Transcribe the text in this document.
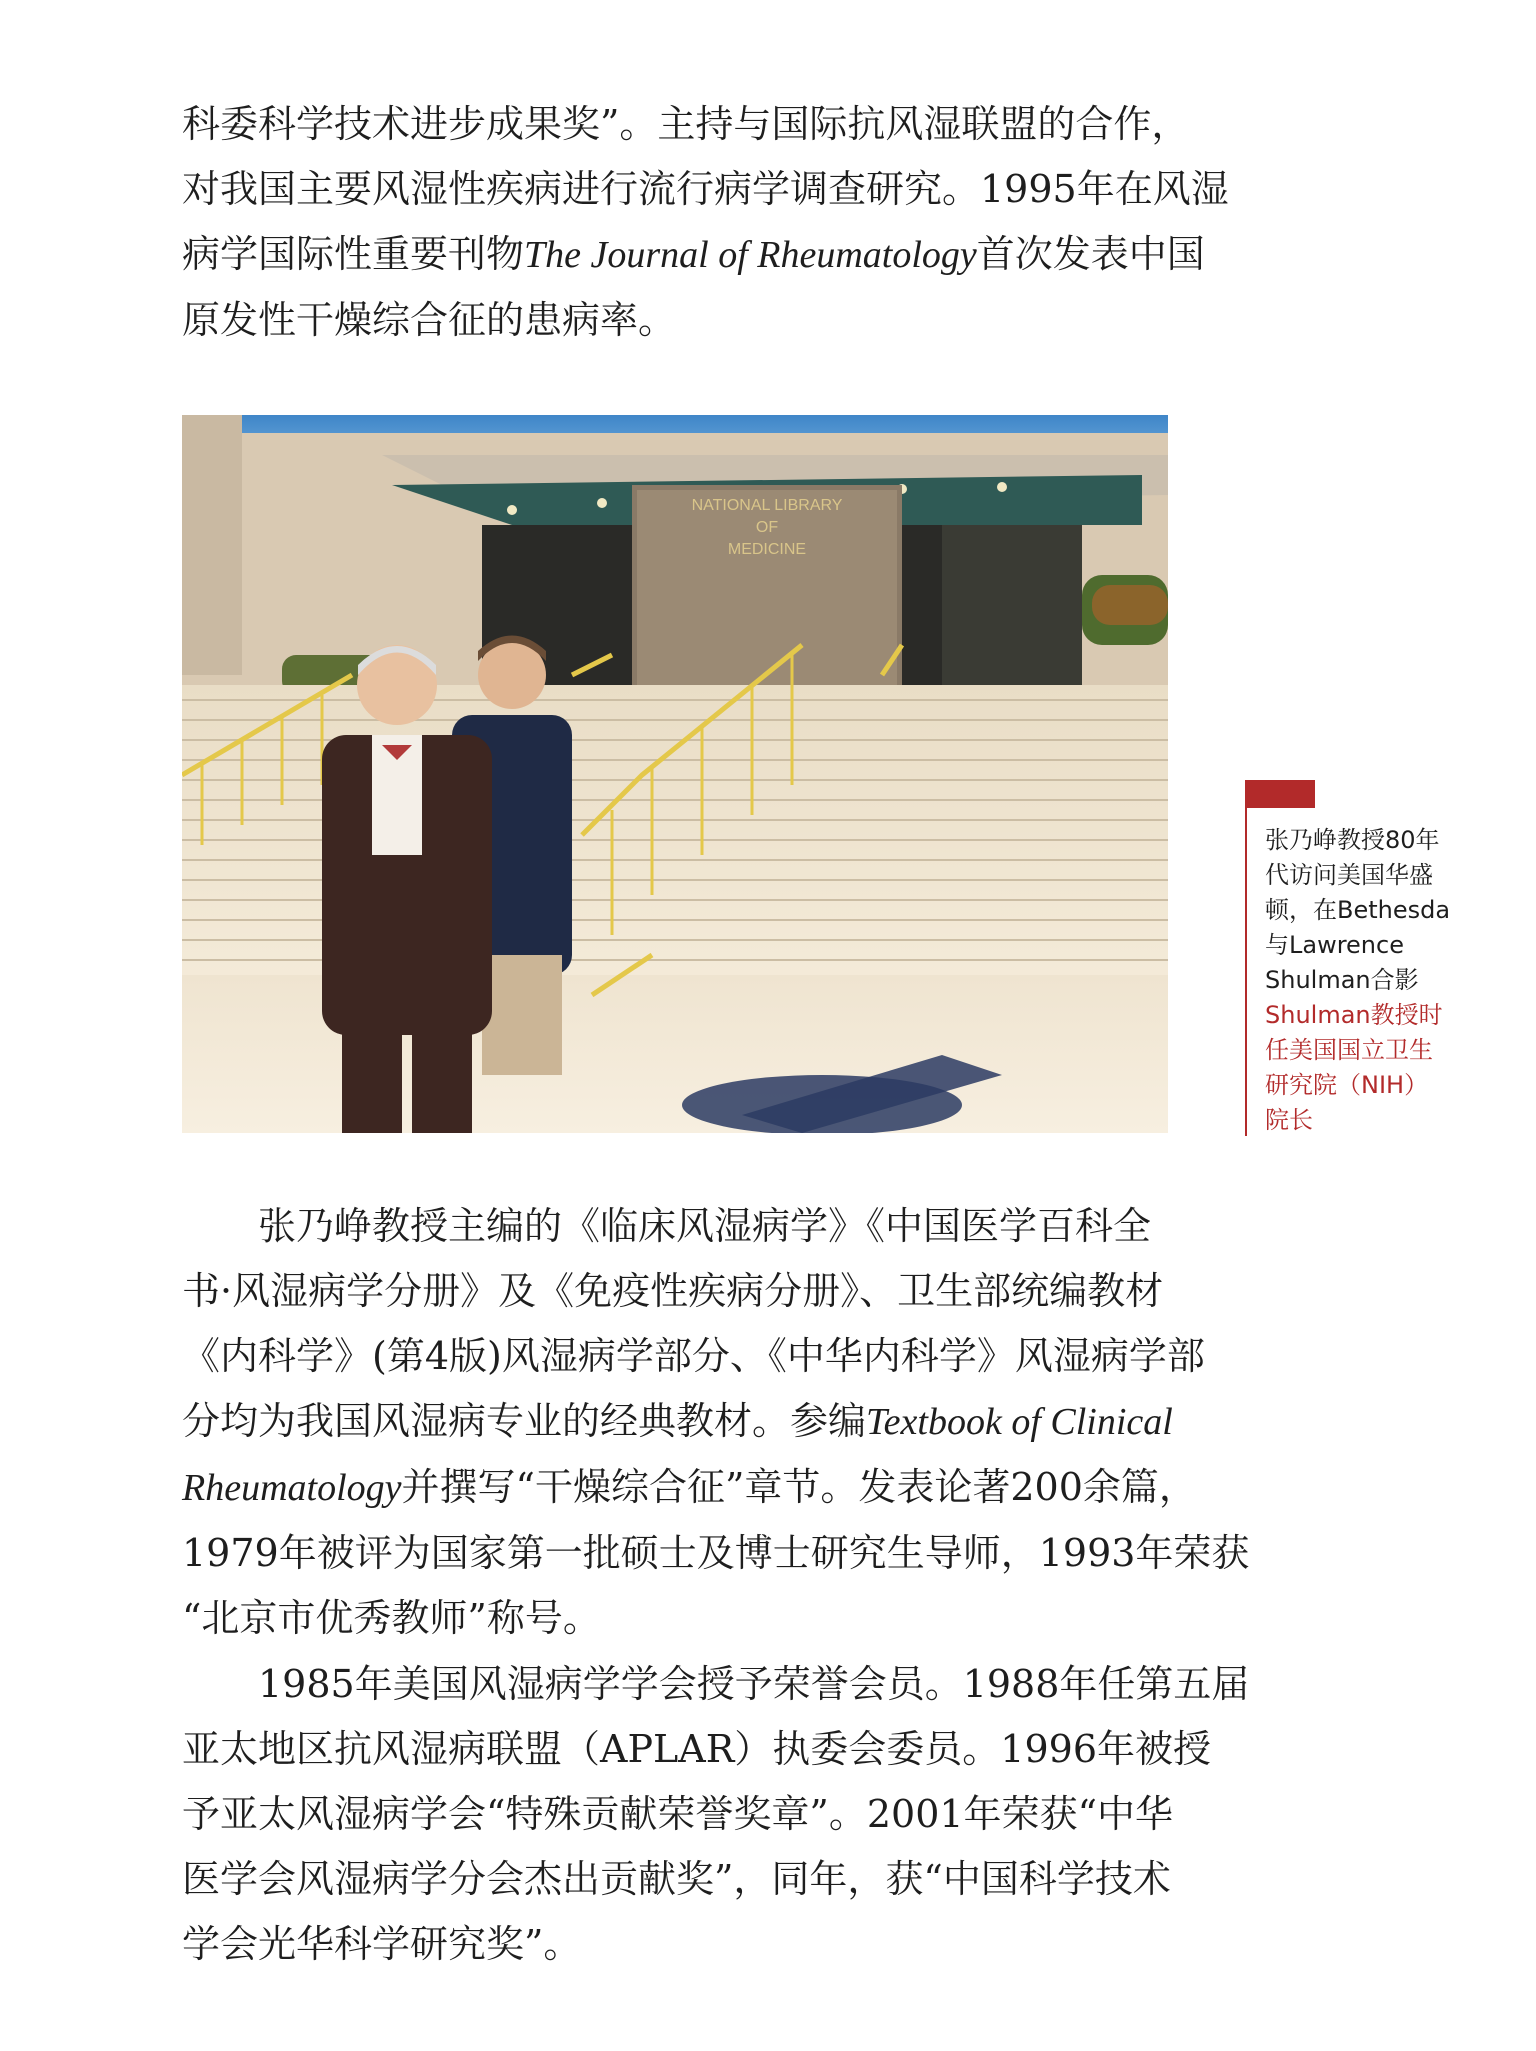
科委科学技术进步成果奖”。主持与国际抗风湿联盟的合作，
对我国主要风湿性疾病进行流行病学调查研究。1995年在风湿
病学国际性重要刊物The Journal of Rheumatology首次发表中国
原发性干燥综合征的患病率。

NATIONAL LIBRARY
OF
MEDICINE
张乃峥教授80年
代访问美国华盛
顿，在Bethesda
与Lawrence
Shulman合影
Shulman教授时
任美国国立卫生
研究院（NIH）
院长

张乃峥教授主编的《临床风湿病学》《中国医学百科全
书·风湿病学分册》及《免疫性疾病分册》、卫生部统编教材
《内科学》(第4版)风湿病学部分、《中华内科学》风湿病学部
分均为我国风湿病专业的经典教材。参编Textbook of Clinical
Rheumatology并撰写“干燥综合征”章节。发表论著200余篇，
1979年被评为国家第一批硕士及博士研究生导师，1993年荣获
“北京市优秀教师”称号。

1985年美国风湿病学学会授予荣誉会员。1988年任第五届
亚太地区抗风湿病联盟（APLAR）执委会委员。1996年被授
予亚太风湿病学会“特殊贡献荣誉奖章”。2001年荣获“中华
医学会风湿病学分会杰出贡献奖”，同年，获“中国科学技术
学会光华科学研究奖”。
